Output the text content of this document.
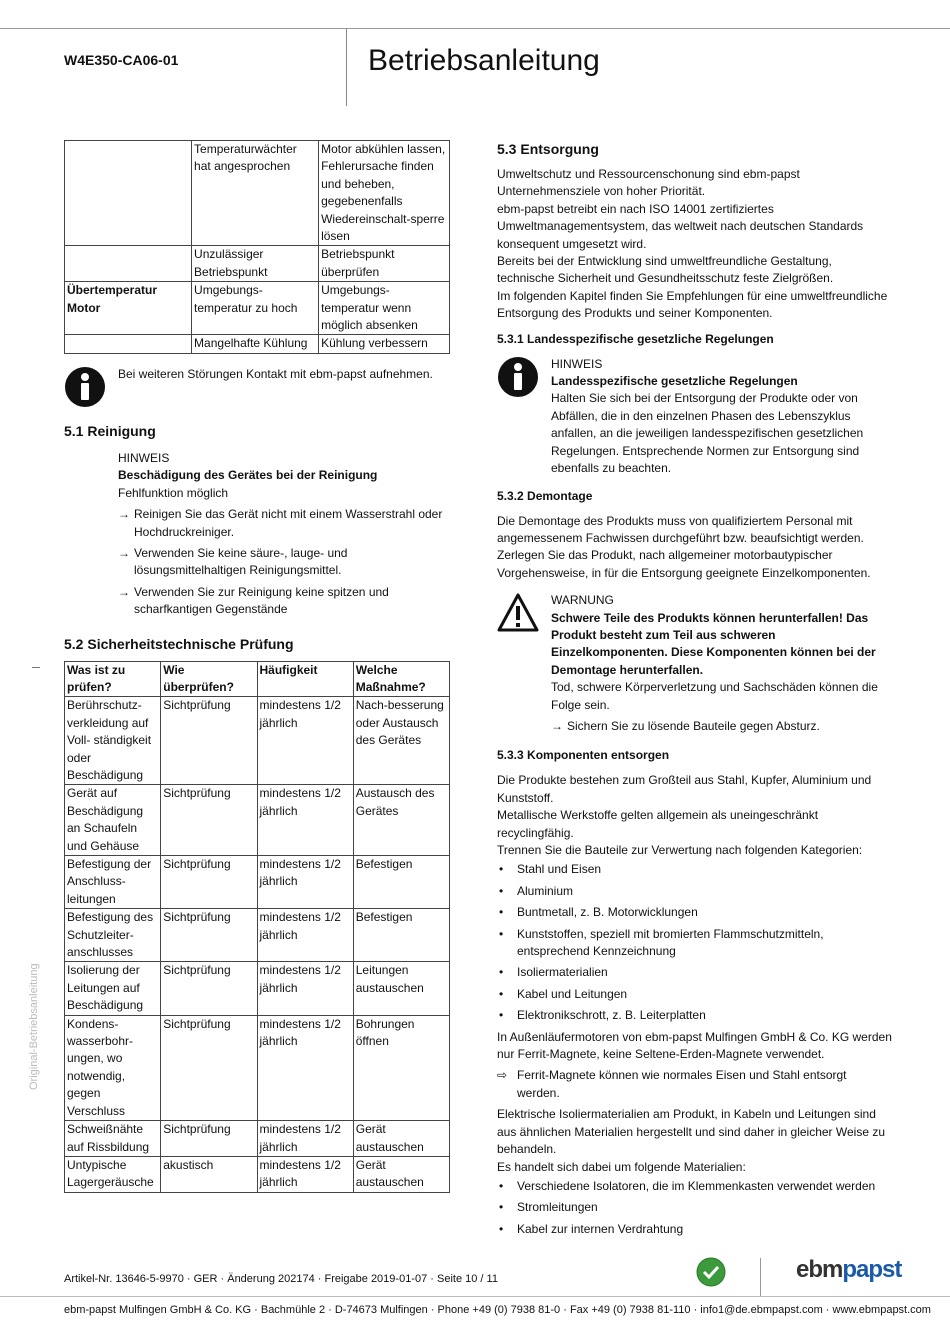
W4E350-CA06-01	Betriebsanleitung
	Temperaturwächter hat angesprochen	Motor abkühlen lassen, Fehlerursache finden und beheben, gegebenenfalls Wiedereinschalt-sperre lösen
	Unzulässiger Betriebspunkt	Betriebspunkt überprüfen
Übertemperatur Motor	Umgebungs-temperatur zu hoch	Umgebungs-temperatur wenn möglich absenken
	Mangelhafte Kühlung	Kühlung verbessern

Bei weiteren Störungen Kontakt mit ebm-papst aufnehmen.

5.1 Reinigung

HINWEIS

Beschädigung des Gerätes bei der Reinigung

Fehlfunktion möglich

→ Reinigen Sie das Gerät nicht mit einem Wasserstrahl oder Hochdruckreiniger.
→ Verwenden Sie keine säure-, lauge- und lösungsmittelhaltigen Reinigungsmittel.
→ Verwenden Sie zur Reinigung keine spitzen und scharfkantigen Gegenstände
5.2 Sicherheitstechnische Prüfung
Was ist zu prüfen?	Wie überprüfen?	Häufigkeit	Welche Maßnahme?
Berührschutz-verkleidung auf Voll- ständigkeit oder Beschädigung	Sichtprüfung	mindestens 1/2 jährlich	Nach-besserung oder Austausch des Gerätes
Gerät auf Beschädigung an Schaufeln und Gehäuse	Sichtprüfung	mindestens 1/2 jährlich	Austausch des Gerätes
Befestigung der Anschluss-leitungen	Sichtprüfung	mindestens 1/2 jährlich	Befestigen
Befestigung des Schutzleiter-anschlusses	Sichtprüfung	mindestens 1/2 jährlich	Befestigen
Isolierung der Leitungen auf Beschädigung	Sichtprüfung	mindestens 1/2 jährlich	Leitungen austauschen
Kondens-wasserbohr-ungen, wo notwendig, gegen Verschluss	Sichtprüfung	mindestens 1/2 jährlich	Bohrungen öffnen
Schweißnähte auf Rissbildung	Sichtprüfung	mindestens 1/2 jährlich	Gerät austauschen
Untypische Lagergeräusche	akustisch	mindestens 1/2 jährlich	Gerät austauschen
5.3 Entsorgung

Umweltschutz und Ressourcenschonung sind ebm-papst Unternehmensziele von hoher Priorität.

ebm-papst betreibt ein nach ISO 14001 zertifiziertes Umweltmanagementsystem, das weltweit nach deutschen Standards konsequent umgesetzt wird.

Bereits bei der Entwicklung sind umweltfreundliche Gestaltung, technische Sicherheit und Gesundheitsschutz feste Zielgrößen.

Im folgenden Kapitel finden Sie Empfehlungen für eine umweltfreundliche Entsorgung des Produkts und seiner Komponenten.

5.3.1 Landesspezifische gesetzliche Regelungen

HINWEIS

Landesspezifische gesetzliche Regelungen

Halten Sie sich bei der Entsorgung der Produkte oder von Abfällen, die in den einzelnen Phasen des Lebenszyklus anfallen, an die jeweiligen landesspezifischen gesetzlichen Regelungen. Entsprechende Normen zur Entsorgung sind ebenfalls zu beachten.

5.3.2 Demontage

Die Demontage des Produkts muss von qualifiziertem Personal mit angemessenem Fachwissen durchgeführt bzw. beaufsichtigt werden. Zerlegen Sie das Produkt, nach allgemeiner motorbautypischer Vorgehensweise, in für die Entsorgung geeignete Einzelkomponenten.

WARNUNG

Schwere Teile des Produkts können herunterfallen! Das Produkt besteht zum Teil aus schweren Einzelkomponenten. Diese Komponenten können bei der Demontage herunterfallen.

Tod, schwere Körperverletzung und Sachschäden können die Folge sein.

→ Sichern Sie zu lösende Bauteile gegen Absturz.
5.3.3 Komponenten entsorgen

Die Produkte bestehen zum Großteil aus Stahl, Kupfer, Aluminium und Kunststoff.

Metallische Werkstoffe gelten allgemein als uneingeschränkt recyclingfähig.

Trennen Sie die Bauteile zur Verwertung nach folgenden Kategorien:

• Stahl und Eisen
• Aluminium
• Buntmetall, z. B. Motorwicklungen
• Kunststoffen, speziell mit bromierten Flammschutzmitteln, entsprechend Kennzeichnung
• Isoliermaterialien
• Kabel und Leitungen
• Elektronikschrott, z. B. Leiterplatten

In Außenläufermotoren von ebm-papst Mulfingen GmbH & Co. KG werden nur Ferrit-Magnete, keine Seltene-Erden-Magnete verwendet.

⇨ Ferrit-Magnete können wie normales Eisen und Stahl entsorgt werden.

Elektrische Isoliermaterialien am Produkt, in Kabeln und Leitungen sind aus ähnlichen Materialien hergestellt und sind daher in gleicher Weise zu behandeln.

Es handelt sich dabei um folgende Materialien:

• Verschiedene Isolatoren, die im Klemmenkasten verwendet werden
• Stromleitungen
• Kabel zur internen Verdrahtung
Original-Betriebsanleitung
Artikel-Nr. 13646-5-9970 · GER · Änderung 202174 · Freigabe 2019-01-07 · Seite 10 / 11	ebmpapst
ebm-papst Mulfingen GmbH & Co. KG · Bachmühle 2 · D-74673 Mulfingen · Phone +49 (0) 7938 81-0 · Fax +49 (0) 7938 81-110 · info1@de.ebmpapst.com · www.ebmpapst.com
